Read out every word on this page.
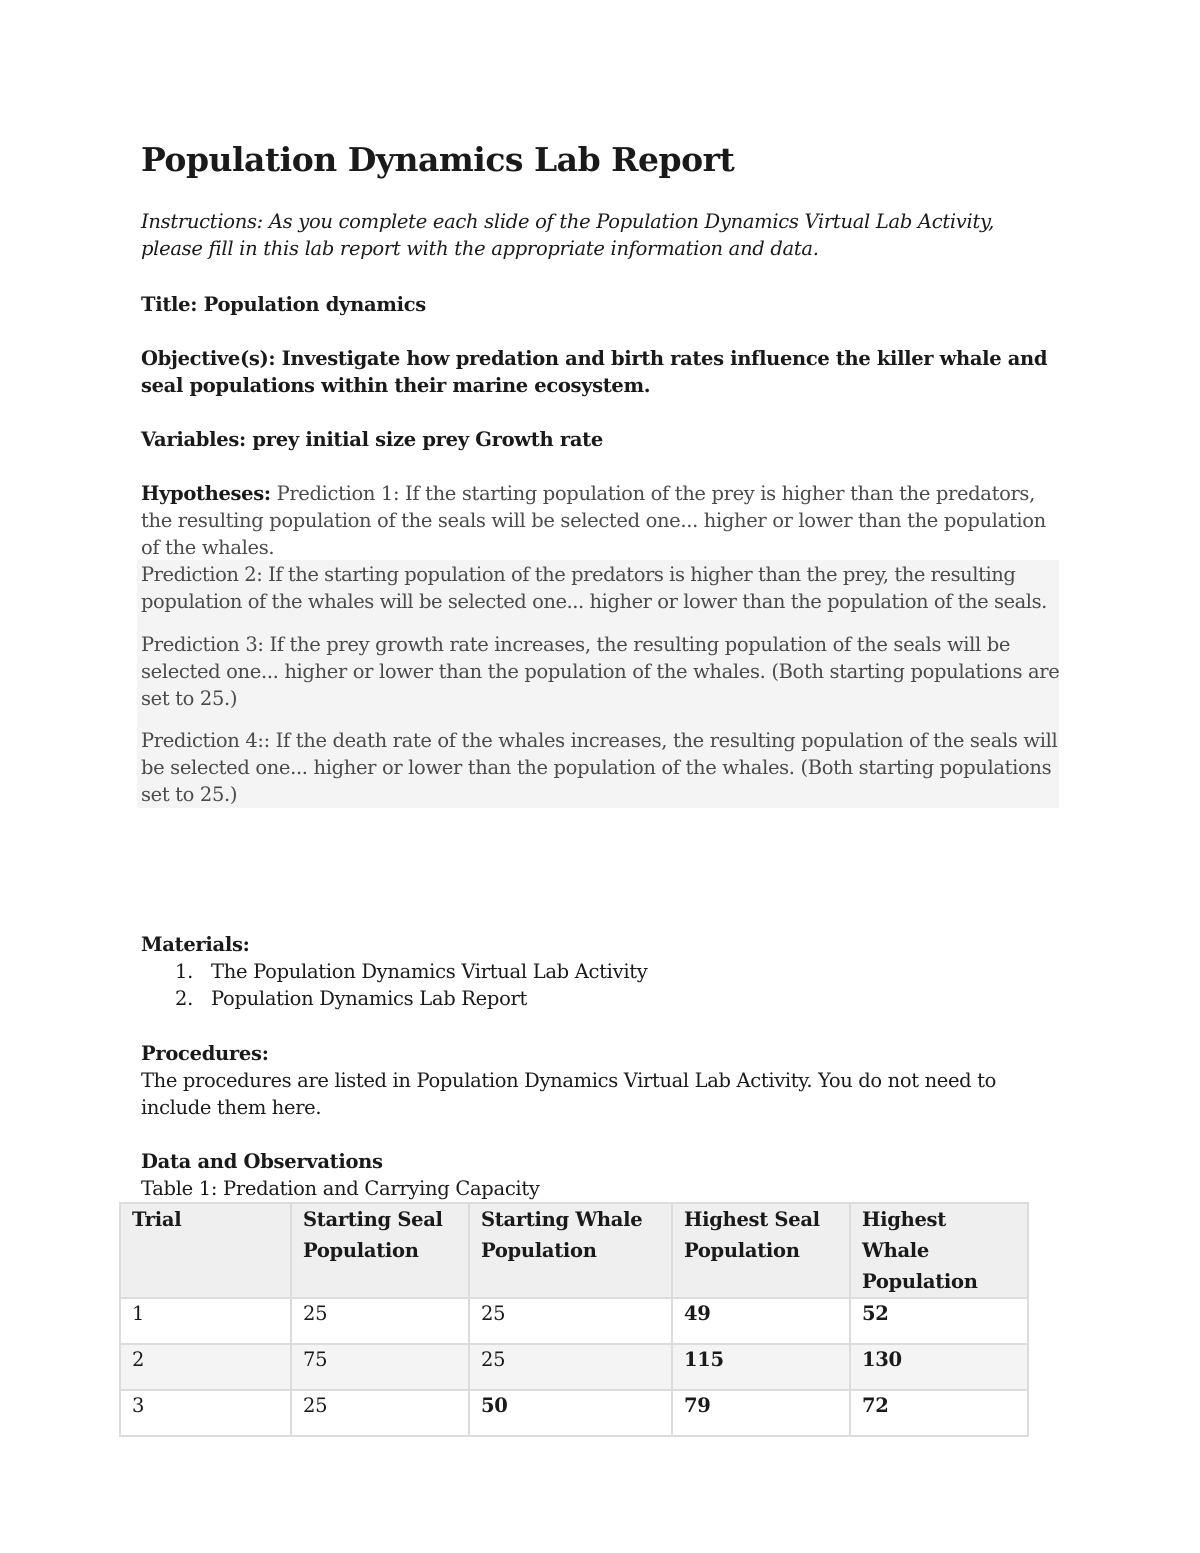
Population Dynamics Lab Report

Instructions: As you complete each slide of the Population Dynamics Virtual Lab Activity, please fill in this lab report with the appropriate information and data.

Title: Population dynamics

Objective(s): Investigate how predation and birth rates influence the killer whale and seal populations within their marine ecosystem.

Variables: prey initial size prey Growth rate

Hypotheses: Prediction 1: If the starting population of the prey is higher than the predators, the resulting population of the seals will be selected one... higher or lower than the population of the whales.

Prediction 2: If the starting population of the predators is higher than the prey, the resulting population of the whales will be selected one... higher or lower than the population of the seals.

Prediction 3: If the prey growth rate increases, the resulting population of the seals will be selected one... higher or lower than the population of the whales. (Both starting populations are set to 25.)

Prediction 4:: If the death rate of the whales increases, the resulting population of the seals will be selected one... higher or lower than the population of the whales. (Both starting populations set to 25.)

Materials:

1. The Population Dynamics Virtual Lab Activity
2. Population Dynamics Lab Report

Procedures:

The procedures are listed in Population Dynamics Virtual Lab Activity. You do not need to include them here.

Data and Observations

Table 1: Predation and Carrying Capacity

Trial	Starting Seal Population	Starting Whale Population	Highest Seal Population	Highest Whale Population
1	25	25	49	52
2	75	25	115	130
3	25	50	79	72
